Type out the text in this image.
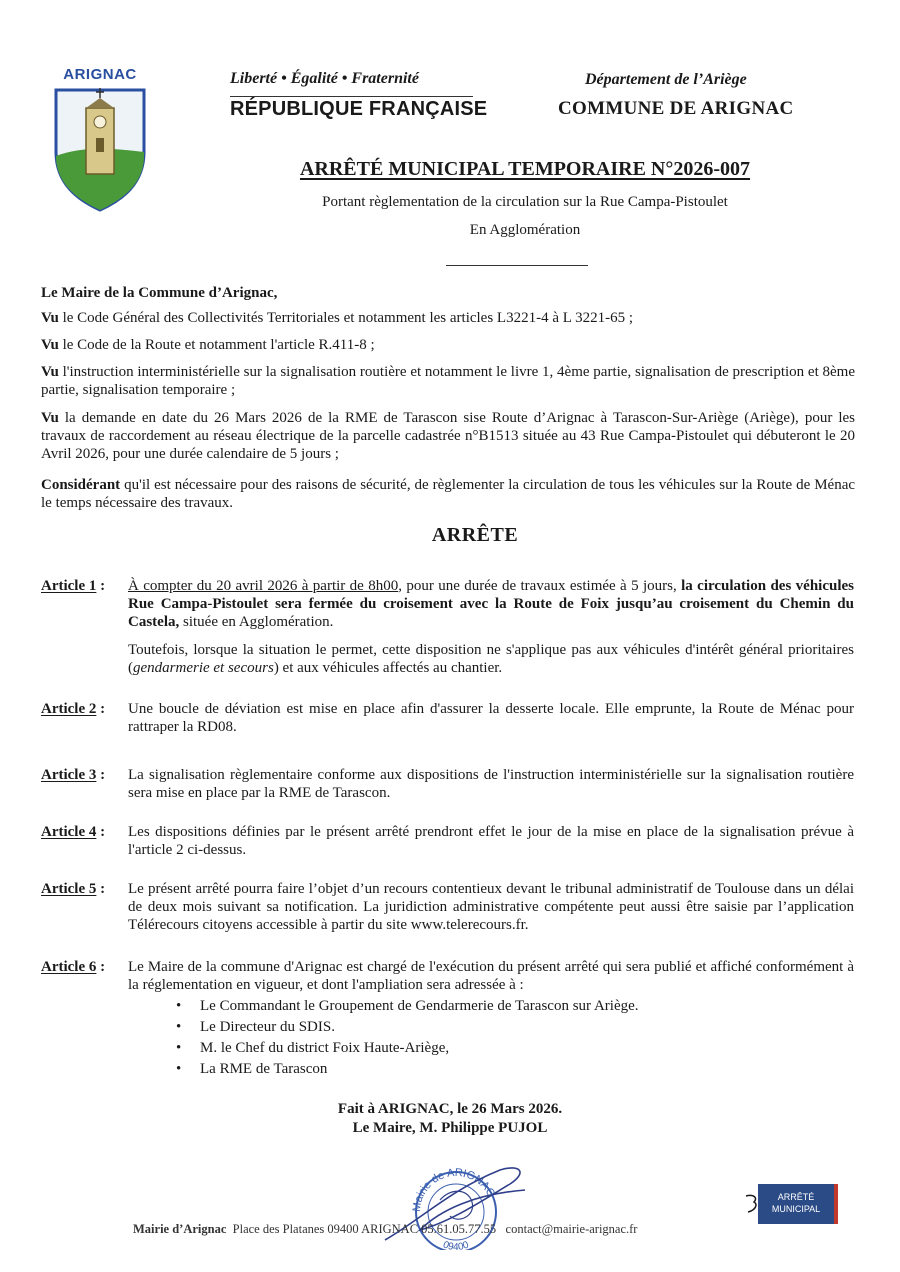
ARIGNAC	Liberté • Égalité • Fraternité
RÉPUBLIQUE FRANÇAISE
Département de l’Ariège
COMMUNE DE ARIGNAC
ARRÊTÉ MUNICIPAL TEMPORAIRE N°2026-007
Portant règlementation de la circulation sur la Rue Campa-Pistoulet
En Agglomération
Le Maire de la Commune d’Arignac,
Vu le Code Général des Collectivités Territoriales et notamment les articles L3221-4 à L 3221-65 ;
Vu le Code de la Route et notamment l'article R.411-8 ;
Vu l'instruction interministérielle sur la signalisation routière et notamment le livre 1, 4ème partie, signalisation de prescription et 8ème partie, signalisation temporaire ;
Vu la demande en date du 26 Mars 2026 de la RME de Tarascon sise Route d’Arignac à Tarascon-Sur-Ariège (Ariège), pour les travaux de raccordement au réseau électrique de la parcelle cadastrée n°B1513 située au 43 Rue Campa-Pistoulet qui débuteront le 20 Avril 2026, pour une durée calendaire de 5 jours ;
Considérant qu'il est nécessaire pour des raisons de sécurité, de règlementer la circulation de tous les véhicules sur la Route de Ménac le temps nécessaire des travaux.
ARRÊTE
Article 1 : À compter du 20 avril 2026 à partir de 8h00, pour une durée de travaux estimée à 5 jours, la circulation des véhicules Rue Campa-Pistoulet sera fermée du croisement avec la Route de Foix jusqu’au croisement du Chemin du Castela, située en Agglomération.
Toutefois, lorsque la situation le permet, cette disposition ne s'applique pas aux véhicules d'intérêt général prioritaires (gendarmerie et secours) et aux véhicules affectés au chantier.
Article 2 : Une boucle de déviation est mise en place afin d'assurer la desserte locale. Elle emprunte, la Route de Ménac pour rattraper la RD08.
Article 3 : La signalisation règlementaire conforme aux dispositions de l'instruction interministérielle sur la signalisation routière sera mise en place par la RME de Tarascon.
Article 4 : Les dispositions définies par le présent arrêté prendront effet le jour de la mise en place de la signalisation prévue à l'article 2 ci-dessus.
Article 5 : Le présent arrêté pourra faire l’objet d’un recours contentieux devant le tribunal administratif de Toulouse dans un délai de deux mois suivant sa notification. La juridiction administrative compétente peut aussi être saisie par l’application Télérecours citoyens accessible à partir du site www.telerecours.fr.
Article 6 : Le Maire de la commune d'Arignac est chargé de l'exécution du présent arrêté qui sera publié et affiché conformément à la réglementation en vigueur, et dont l'ampliation sera adressée à :
• Le Commandant le Groupement de Gendarmerie de Tarascon sur Ariège.
• Le Directeur du SDIS.
• M. le Chef du district Foix Haute-Ariège,
• La RME de Tarascon
Fait à ARIGNAC, le 26 Mars 2026.
Le Maire, M. Philippe PUJOL
Mairie de ARIGNAC
09400
Mairie d’Arignac Place des Platanes 09400 ARIGNAC 05.61.05.77.55 contact@mairie-arignac.fr
ARRÊTÉ
MUNICIPAL
